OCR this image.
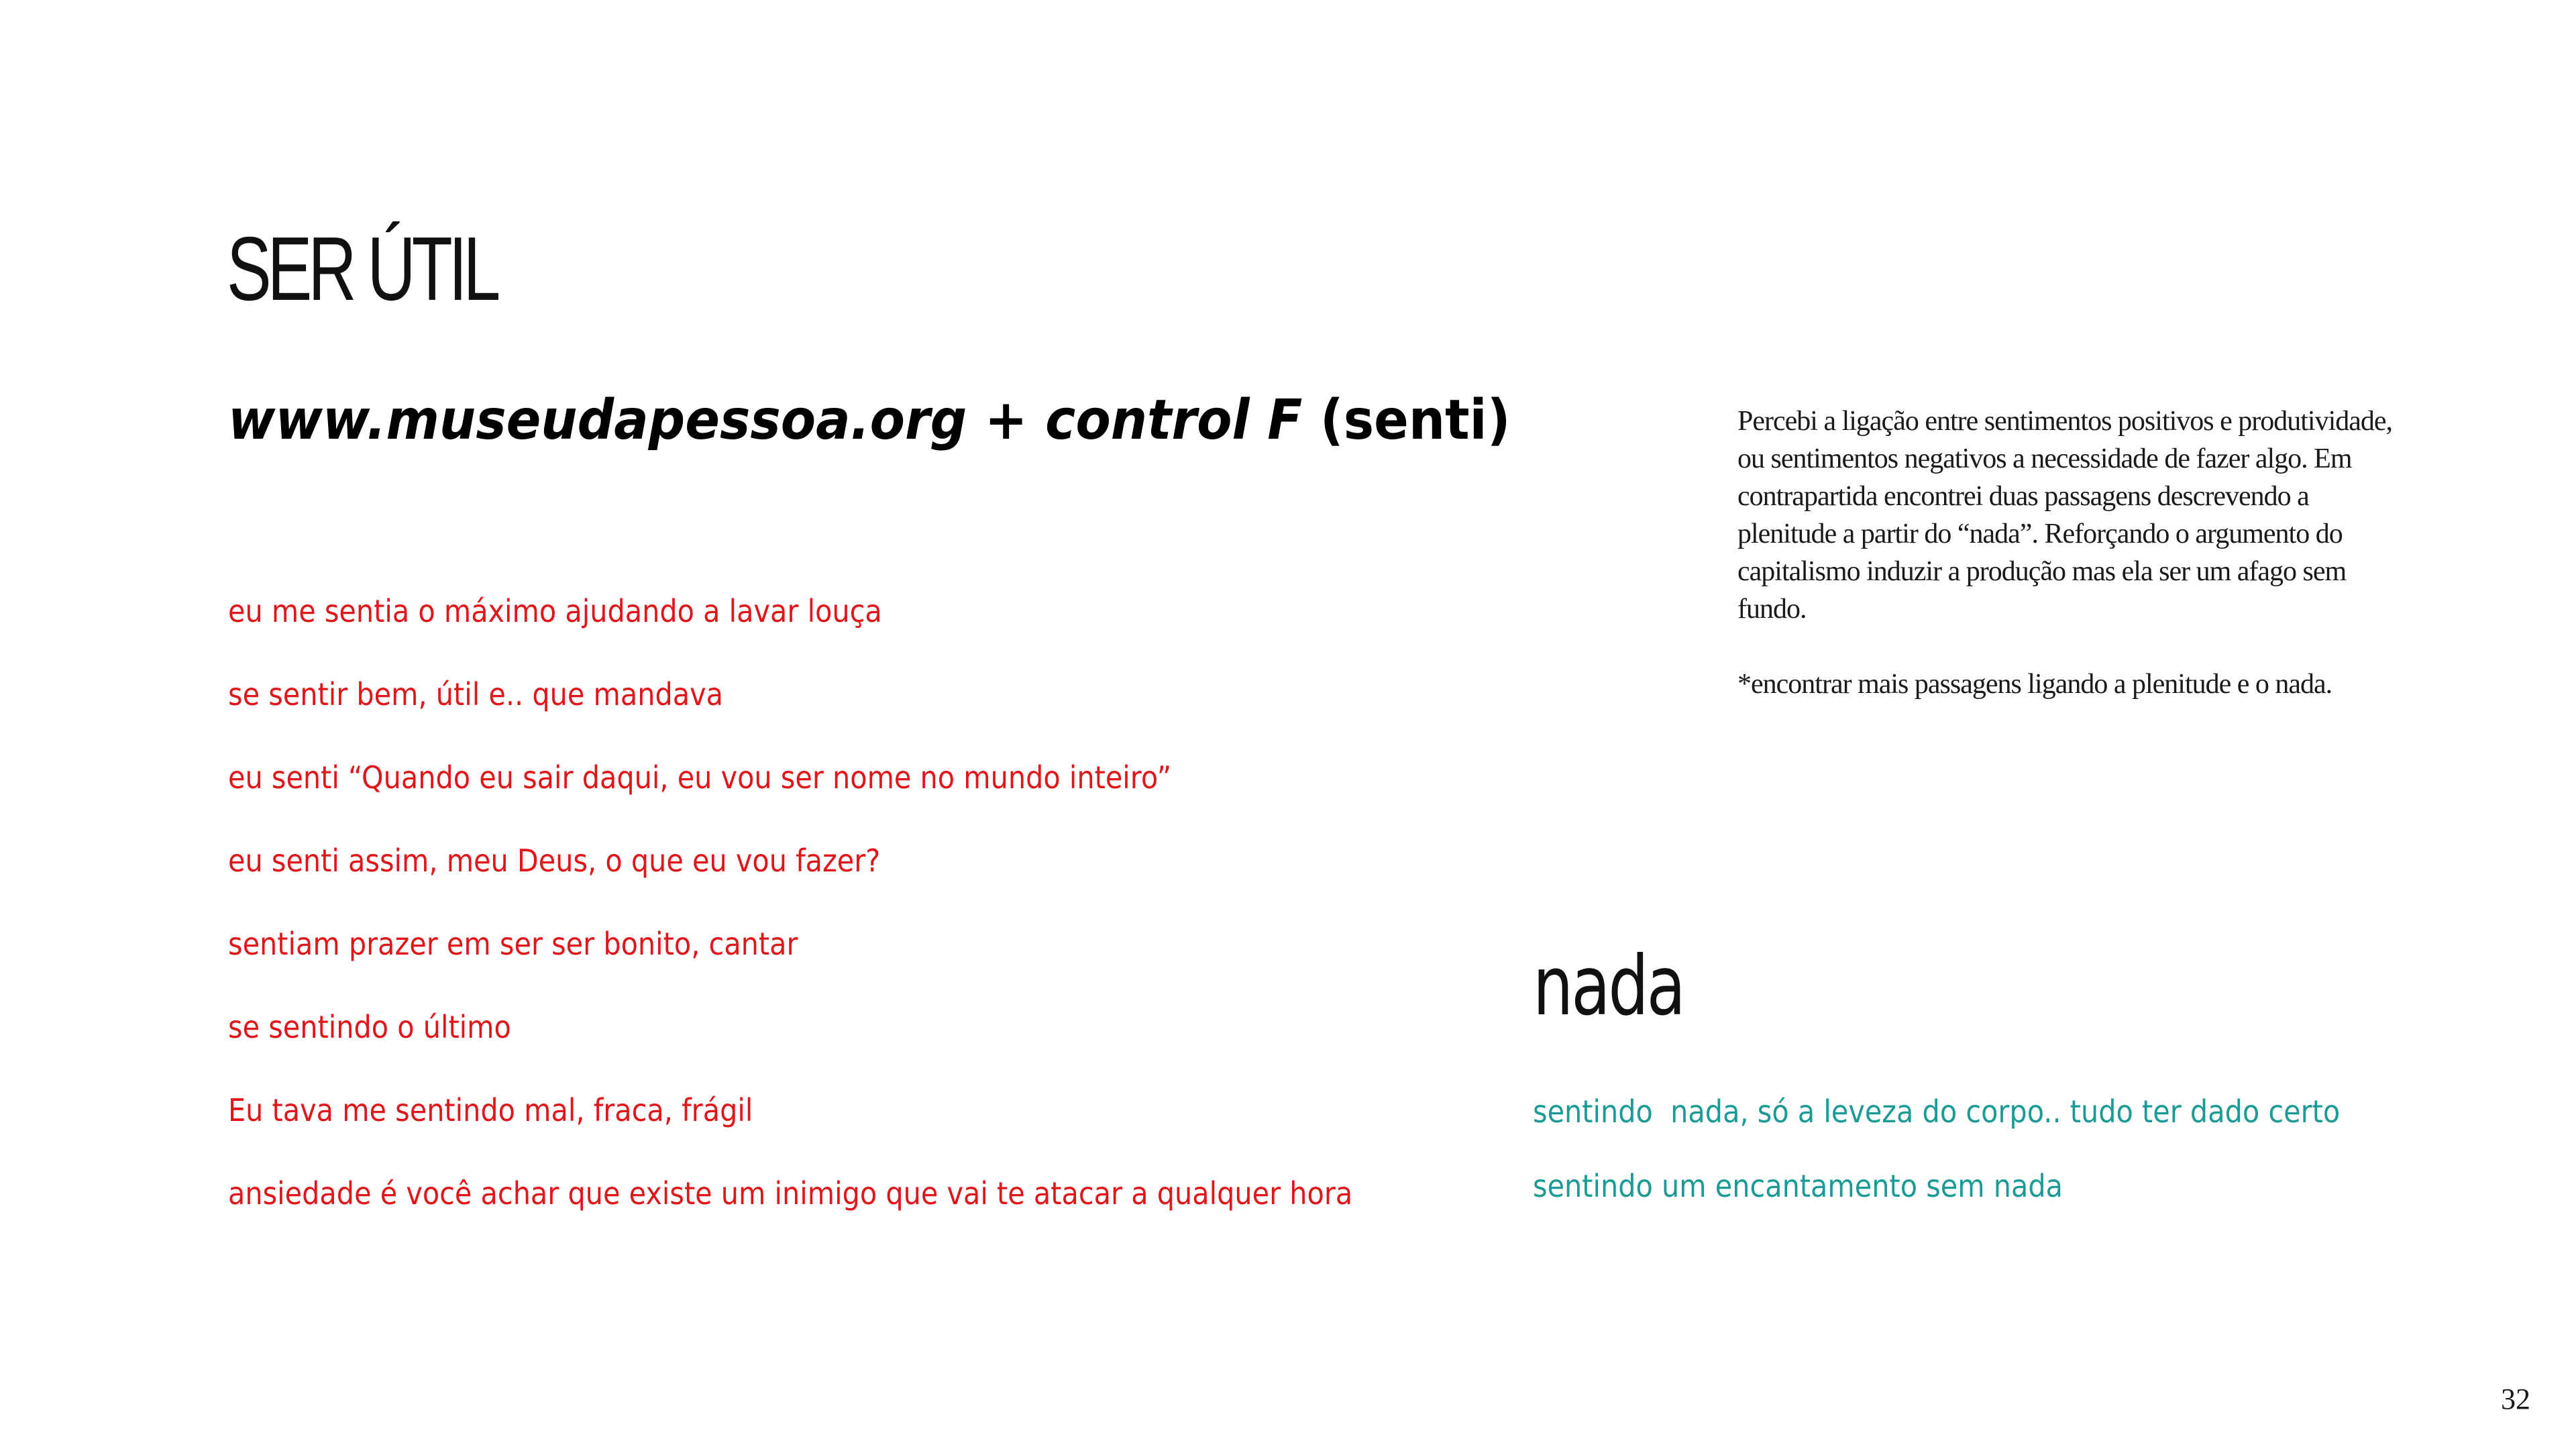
SER ÚTIL
www.museudapessoa.org + control F (senti)
eu me sentia o máximo ajudando a lavar louça
se sentir bem, útil e.. que mandava
eu senti “Quando eu sair daqui, eu vou ser nome no mundo inteiro”
eu senti assim, meu Deus, o que eu vou fazer?
sentiam prazer em ser ser bonito, cantar
se sentindo o último
Eu tava me sentindo mal, fraca, frágil
ansiedade é você achar que existe um inimigo que vai te atacar a qualquer hora

Percebi a ligação entre sentimentos positivos e produtividade, ou sentimentos negativos a necessidade de fazer algo. Em contrapartida encontrei duas passagens descrevendo a plenitude a partir do “nada”. Reforçando o argumento do capitalismo induzir a produção mas ela ser um afago sem fundo.

*encontrar mais passagens ligando a plenitude e o nada.

nada
sentindo  nada, só a leveza do corpo.. tudo ter dado certo
sentindo um encantamento sem nada
32
